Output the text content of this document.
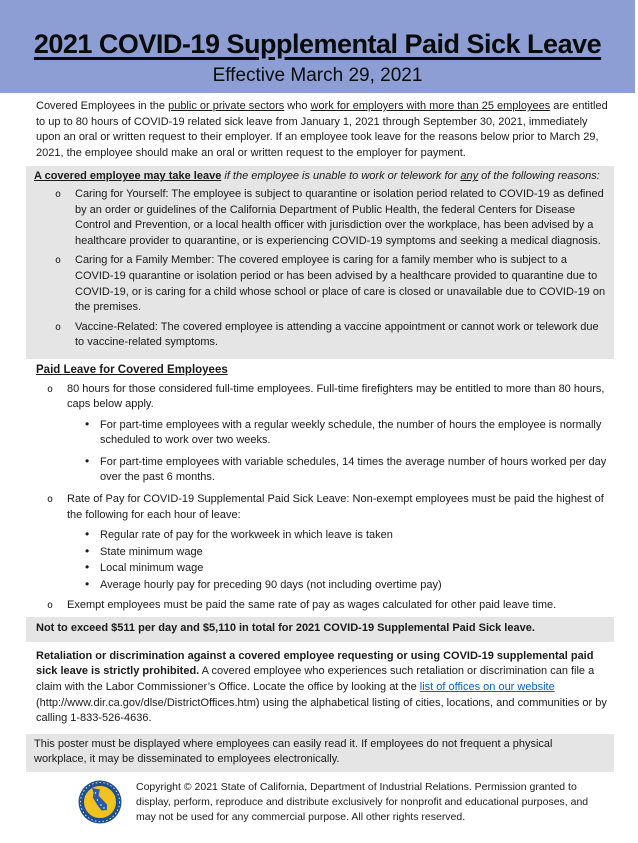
2021 COVID-19 Supplemental Paid Sick Leave
Effective March 29, 2021

Covered Employees in the public or private sectors who work for employers with more than 25 employees are entitled to up to 80 hours of COVID-19 related sick leave from January 1, 2021 through September 30, 2021, immediately upon an oral or written request to their employer. If an employee took leave for the reasons below prior to March 29, 2021, the employee should make an oral or written request to the employer for payment.

A covered employee may take leave if the employee is unable to work or telework for any of the following reasons:

o Caring for Yourself: The employee is subject to quarantine or isolation period related to COVID-19 as defined by an order or guidelines of the California Department of Public Health, the federal Centers for Disease Control and Prevention, or a local health officer with jurisdiction over the workplace, has been advised by a healthcare provider to quarantine, or is experiencing COVID-19 symptoms and seeking a medical diagnosis.
o Caring for a Family Member: The covered employee is caring for a family member who is subject to a COVID-19 quarantine or isolation period or has been advised by a healthcare provided to quarantine due to COVID-19, or is caring for a child whose school or place of care is closed or unavailable due to COVID-19 on the premises.
o Vaccine-Related: The covered employee is attending a vaccine appointment or cannot work or telework due to vaccine-related symptoms.
Paid Leave for Covered Employees
o 80 hours for those considered full-time employees. Full-time firefighters may be entitled to more than 80 hours, caps below apply.
• For part-time employees with a regular weekly schedule, the number of hours the employee is normally scheduled to work over two weeks.
• For part-time employees with variable schedules, 14 times the average number of hours worked per day over the past 6 months.
o Rate of Pay for COVID-19 Supplemental Paid Sick Leave: Non-exempt employees must be paid the highest of the following for each hour of leave:
• Regular rate of pay for the workweek in which leave is taken
• State minimum wage
• Local minimum wage
• Average hourly pay for preceding 90 days (not including overtime pay)
o Exempt employees must be paid the same rate of pay as wages calculated for other paid leave time.

Not to exceed $511 per day and $5,110 in total for 2021 COVID-19 Supplemental Paid Sick leave.

Retaliation or discrimination against a covered employee requesting or using COVID-19 supplemental paid sick leave is strictly prohibited. A covered employee who experiences such retaliation or discrimination can file a claim with the Labor Commissioner’s Office. Locate the office by looking at the list of offices on our website (http://www.dir.ca.gov/dlse/DistrictOffices.htm) using the alphabetical listing of cities, locations, and communities or by calling 1-833-526-4636.

This poster must be displayed where employees can easily read it. If employees do not frequent a physical workplace, it may be disseminated to employees electronically.

Copyright © 2021 State of California, Department of Industrial Relations. Permission granted to display, perform, reproduce and distribute exclusively for nonprofit and educational purposes, and may not be used for any commercial purpose. All other rights reserved.
